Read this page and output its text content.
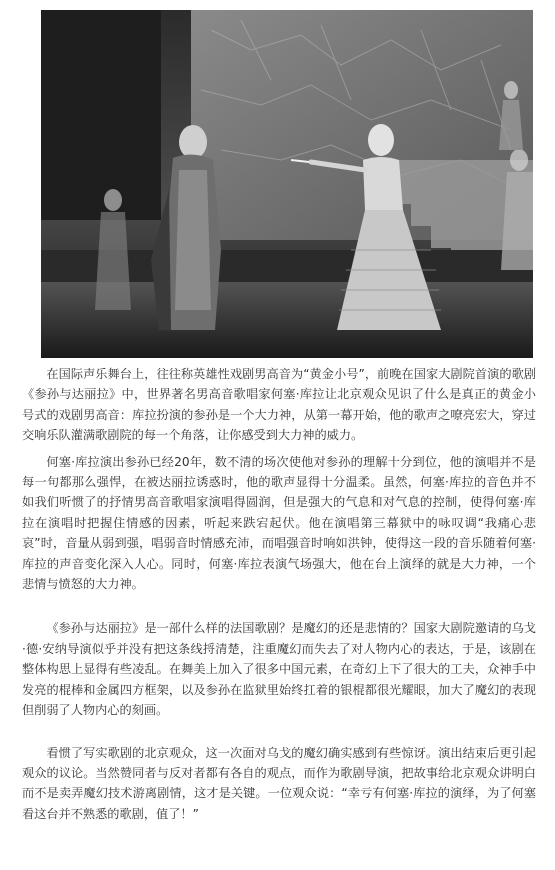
在国际声乐舞台上，往往称英雄性戏剧男高音为“黄金小号”，前晚在国家大剧院首演的歌剧《参孙与达丽拉》中，世界著名男高音歌唱家何塞·库拉让北京观众见识了什么是真正的黄金小号式的戏剧男高音：库拉扮演的参孙是一个大力神，从第一幕开始，他的歌声之嘹亮宏大，穿过交响乐队灌满歌剧院的每一个角落，让你感受到大力神的威力。

何塞·库拉演出参孙已经20年，数不清的场次使他对参孙的理解十分到位，他的演唱并不是每一句都那么强悍，在被达丽拉诱惑时，他的歌声显得十分温柔。虽然，何塞·库拉的音色并不如我们听惯了的抒情男高音歌唱家演唱得圆润，但是强大的气息和对气息的控制，使得何塞·库拉在演唱时把握住情感的因素，听起来跌宕起伏。他在演唱第三幕狱中的咏叹调“我痛心悲哀”时，音量从弱到强，唱弱音时情感充沛，而唱强音时响如洪钟，使得这一段的音乐随着何塞·库拉的声音变化深入人心。同时，何塞·库拉表演气场强大，他在台上演绎的就是大力神，一个悲情与愤怒的大力神。

《参孙与达丽拉》是一部什么样的法国歌剧？是魔幻的还是悲情的？国家大剧院邀请的乌戈·德·安纳导演似乎并没有把这条线捋清楚，注重魔幻而失去了对人物内心的表达，于是，该剧在整体构思上显得有些凌乱。在舞美上加入了很多中国元素，在奇幻上下了很大的工夫，众神手中发亮的棍棒和金属四方框架，以及参孙在监狱里始终扛着的银棍都很光耀眼，加大了魔幻的表现但削弱了人物内心的刻画。

看惯了写实歌剧的北京观众，这一次面对乌戈的魔幻确实感到有些惊讶。演出结束后更引起观众的议论。当然赞同者与反对者都有各自的观点，而作为歌剧导演，把故事给北京观众讲明白而不是卖弄魔幻技术游离剧情，这才是关键。一位观众说：“幸亏有何塞·库拉的演绎，为了何塞看这台并不熟悉的歌剧，值了！”
